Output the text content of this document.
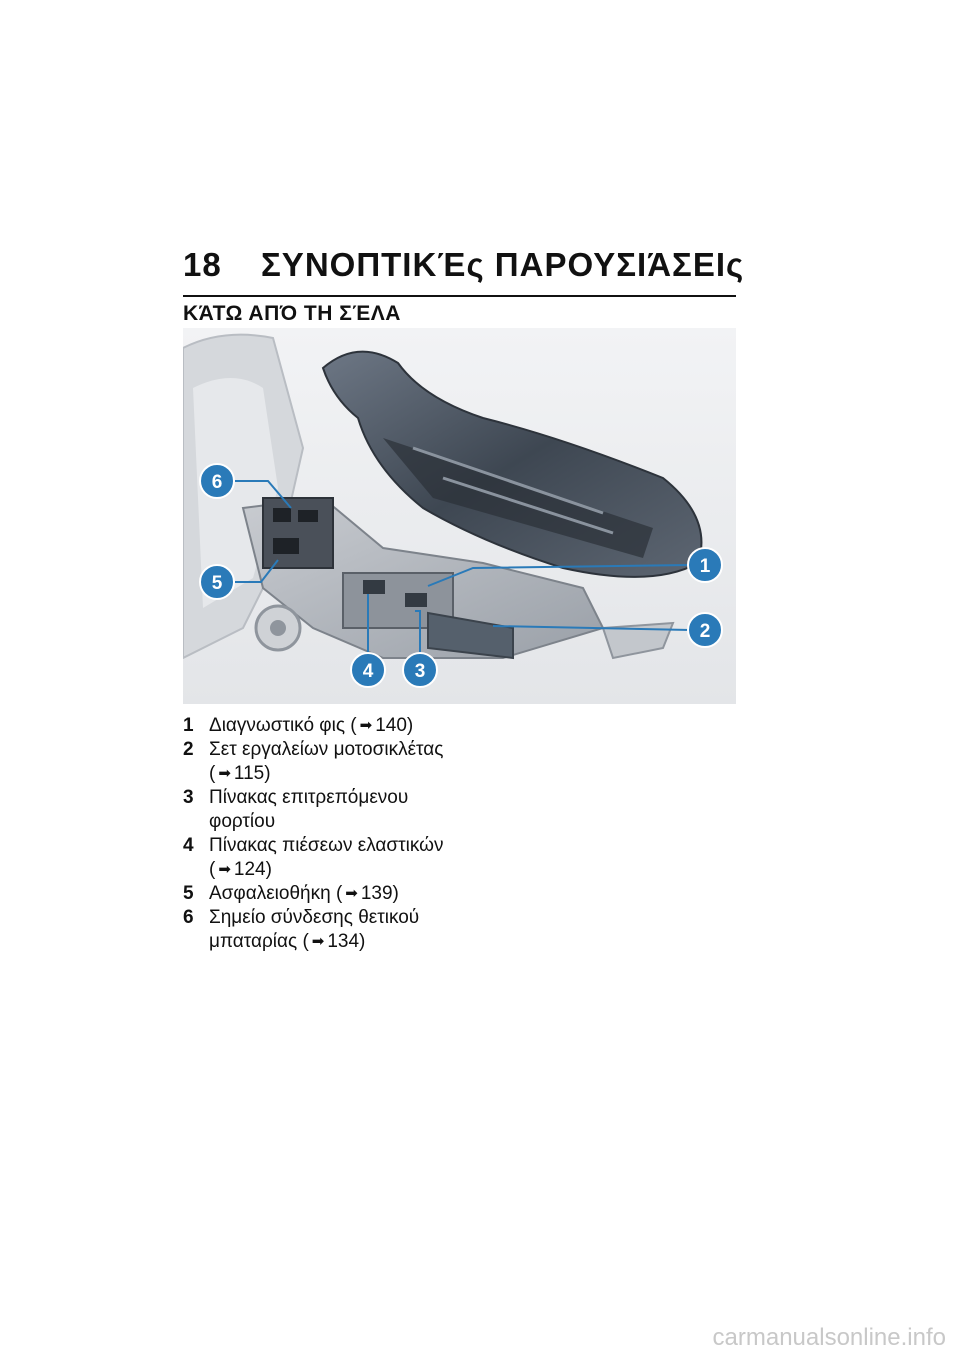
18 ΣΥΝΟΠΤΙΚΈς ΠΑΡΟΥΣΙΆΣΕΙς
ΚΆΤΩ ΑΠΌ ΤΗ ΣΈΛΑ
6
5
1
2
4 3
1 Διαγνωστικό φις ( ➡ 140)
2 Σετ εργαλείων μοτοσικλέτας
( ➡ 115)
3 Πίνακας επιτρεπόμενου
φορτίου
4 Πίνακας πιέσεων ελαστικών
( ➡ 124)
5 Ασφαλειοθήκη ( ➡ 139)
6 Σημείο σύνδεσης θετικού
μπαταρίας ( ➡ 134)
carmanualsonline.info
